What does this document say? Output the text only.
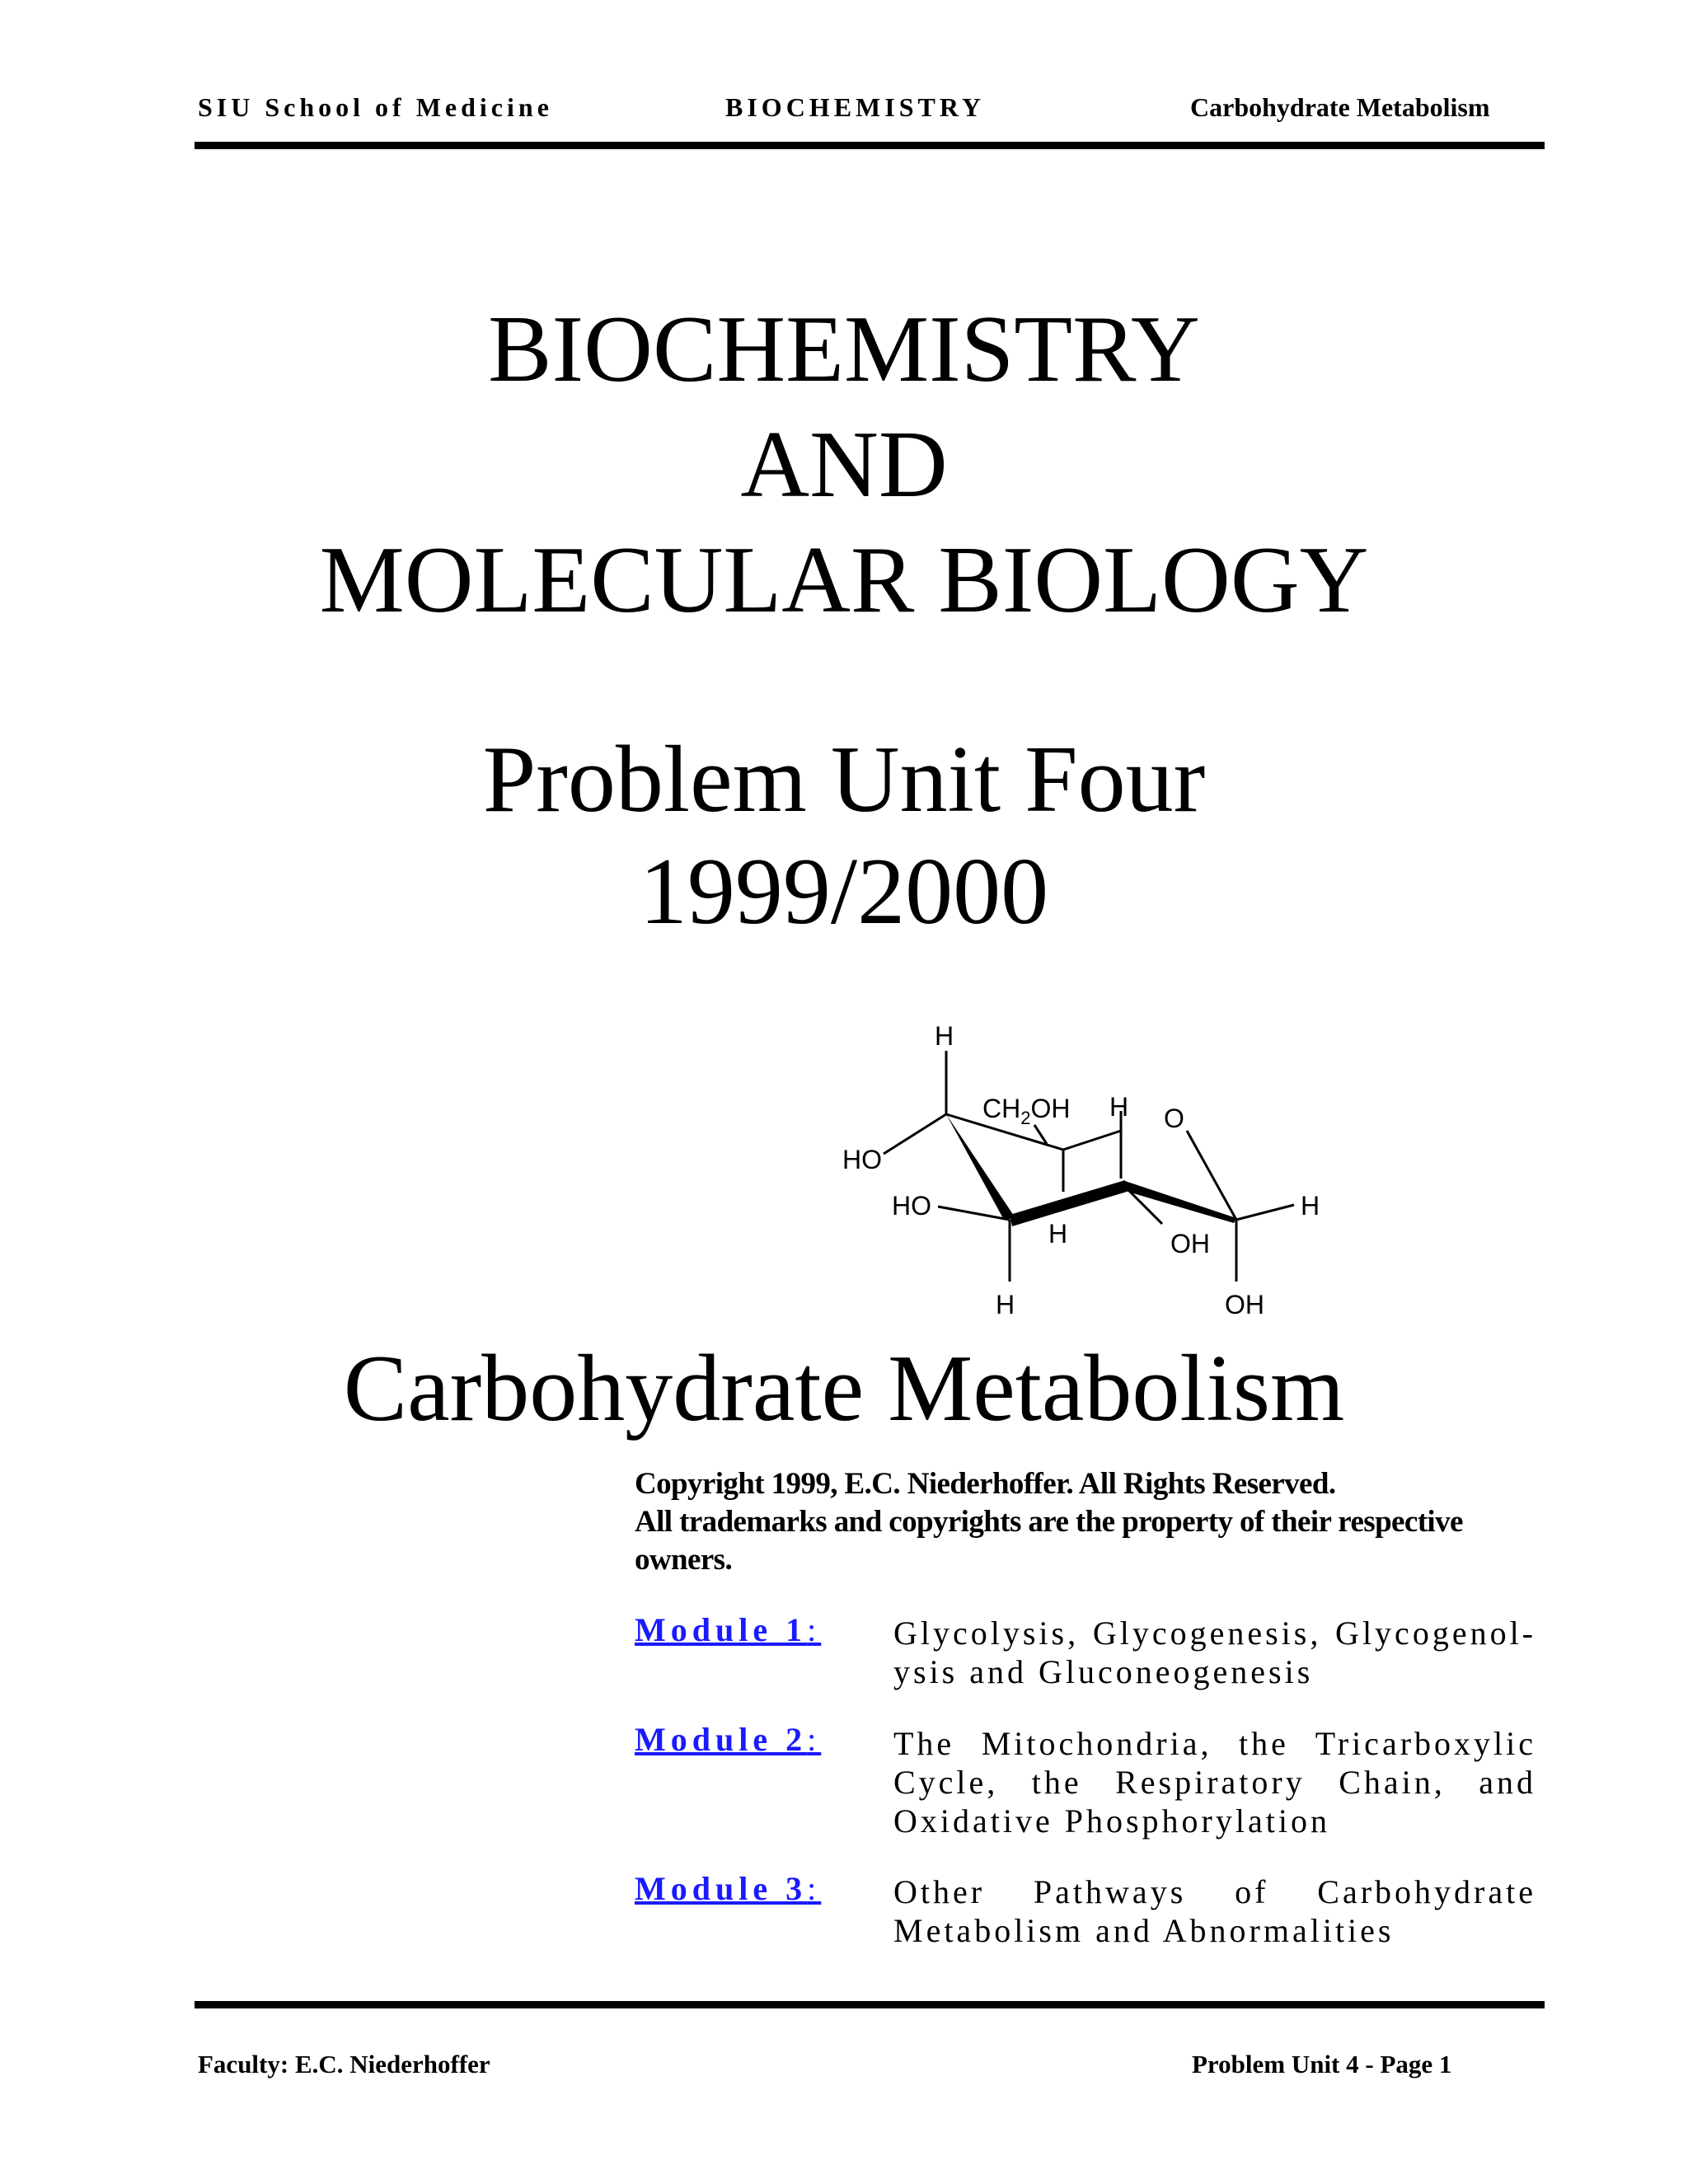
SIU School of Medicine	BIOCHEMISTRY	Carbohydrate Metabolism
BIOCHEMISTRY
AND
MOLECULAR BIOLOGY
Problem Unit Four
1999/2000
H
$CH_2OH$ H O
HO
HO	H
H	OH
H	OH
Carbohydrate Metabolism
Copyright 1999, E.C. Niederhoffer. All Rights Reserved.
All trademarks and copyrights are the property of their respective owners.
Module 1: Glycolysis, Glycogenesis, Glycogenol- ysis and Gluconeogenesis
Module 2: The Mitochondria, the Tricarboxylic Cycle, the Respiratory Chain, and Oxidative Phosphorylation
Module 3: Other Pathways of Carbohydrate Metabolism and Abnormalities
Faculty: E.C. Niederhoffer	Problem Unit 4 - Page 1
